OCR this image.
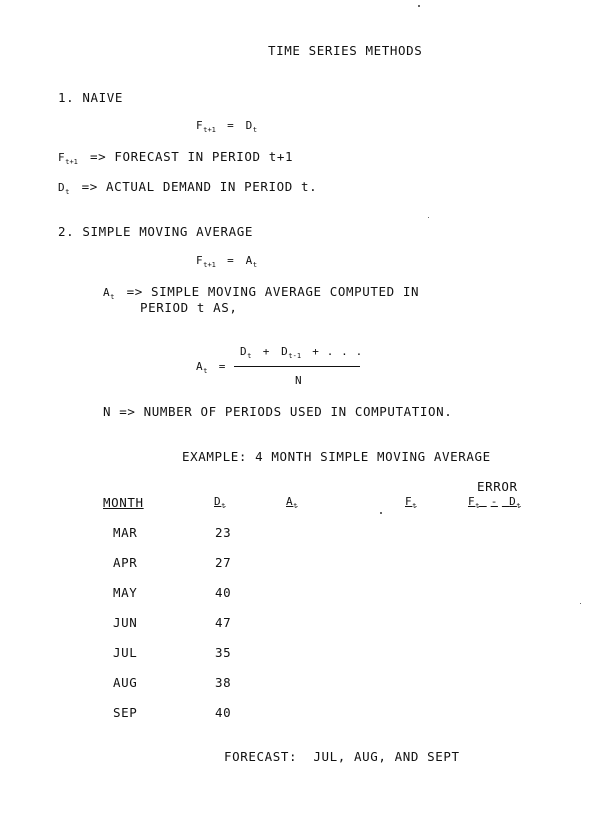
TIME SERIES METHODS
1. NAIVE
$F_{t+1} = D_t$
$F_{t+1}$ => FORECAST IN PERIOD t+1
$D_t$ => ACTUAL DEMAND IN PERIOD t.
2. SIMPLE MOVING AVERAGE
$F_{t+1} = A_t$
$A_t$ => SIMPLE MOVING AVERAGE COMPUTED IN
PERIOD t AS,
$A_t$ =
$D_t + D_{t-1}$ + . . .
N
N => NUMBER OF PERIODS USED IN COMPUTATION.
EXAMPLE: 4 MONTH SIMPLE MOVING AVERAGE
ERROR
MONTH	$D_t$	$A_t$	$F_t$	$F_t - D_t$
MAR	23
APR	27
MAY	40
JUN	47
JUL	35
AUG	38
SEP	40
FORECAST:  JUL, AUG, AND SEPT
